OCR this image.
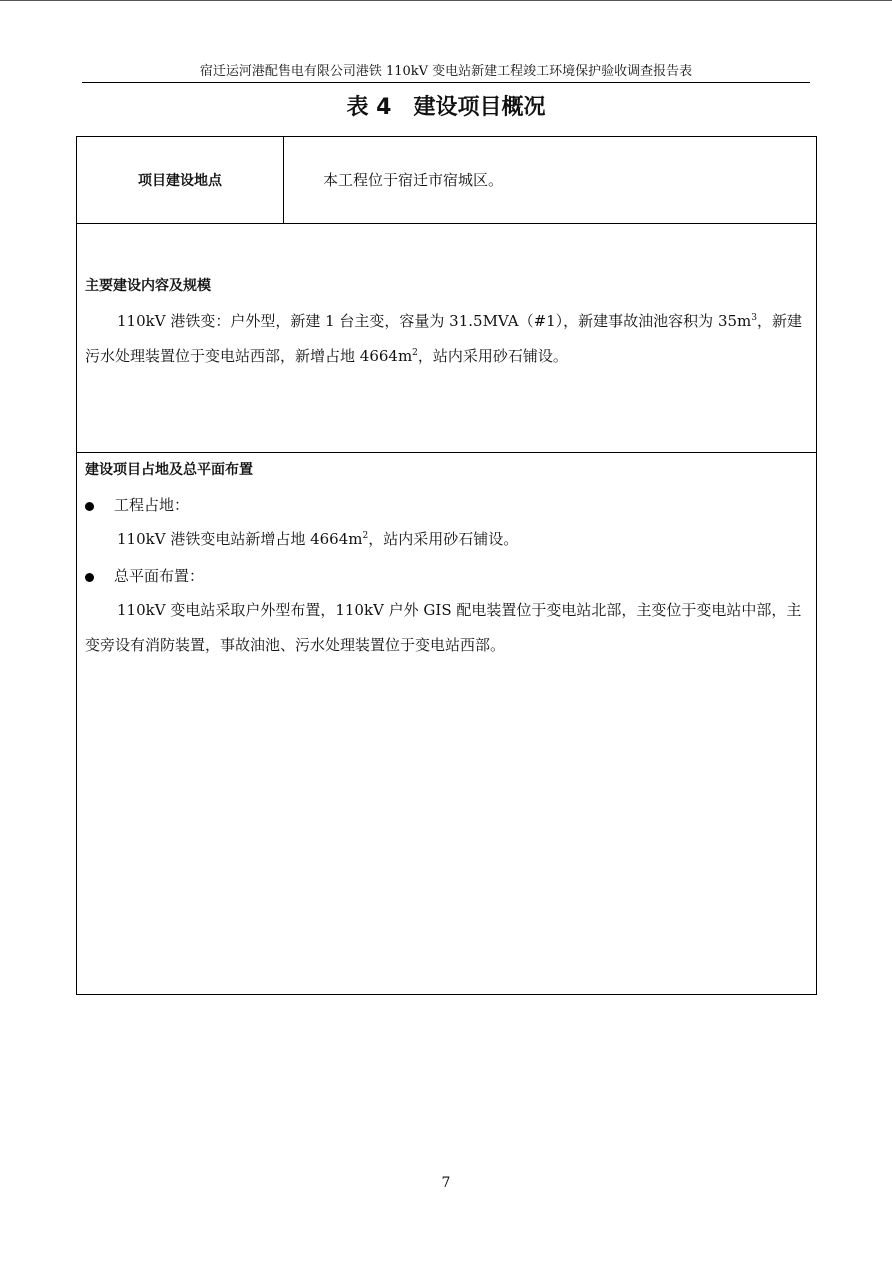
宿迁运河港配售电有限公司港铁 110kV 变电站新建工程竣工环境保护验收调查报告表
表 4　建设项目概况
项目建设地点	本工程位于宿迁市宿城区。
主要建设内容及规模
110kV 港铁变：户外型，新建 1 台主变，容量为 31.5MVA（#1），新建事故油池容积为 $35m^3$，新建
污水处理装置位于变电站西部，新增占地 $4664m^2$，站内采用砂石铺设。
建设项目占地及总平面布置
工程占地：
110kV 港铁变电站新增占地 $4664m^2$，站内采用砂石铺设。
总平面布置：
110kV 变电站采取户外型布置，110kV 户外 GIS 配电装置位于变电站北部，主变位于变电站中部，主
变旁设有消防装置，事故油池、污水处理装置位于变电站西部。
7
